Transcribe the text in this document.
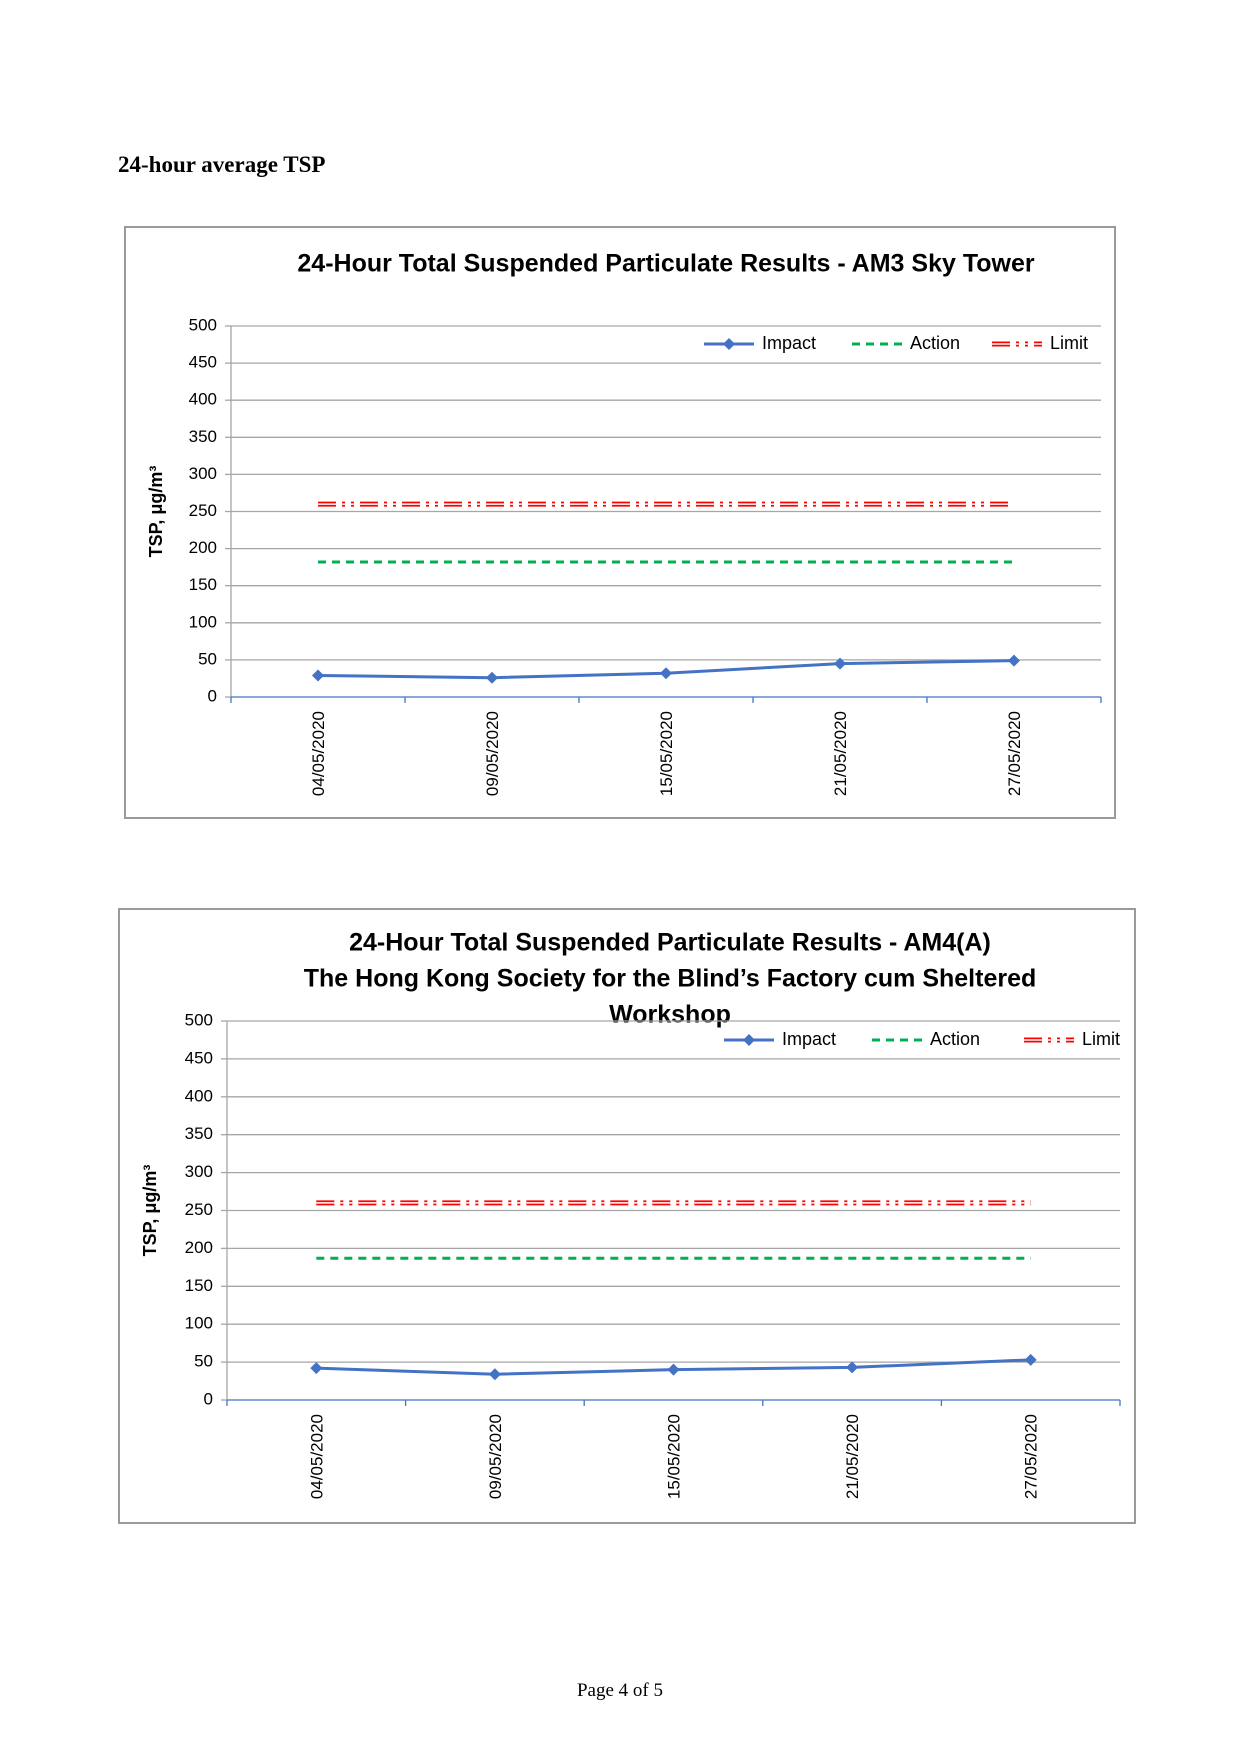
24-hour average TSP
24-Hour Total Suspended Particulate Results - AM3 Sky Tower
0
50
100
150
200
250
300
350
400
450
500
04/05/2020	09/05/2020	15/05/2020	21/05/2020	27/05/2020
TSP, μg/m³
Impact	Action	Limit
24-Hour Total Suspended Particulate Results - AM4(A)
The Hong Kong Society for the Blind’s Factory cum Sheltered
Workshop
0
50
100
150
200
250
300
350
400
450
500
04/05/2020	09/05/2020	15/05/2020	21/05/2020	27/05/2020
TSP, μg/m³
Impact	Action	Limit
Page 4 of 5
